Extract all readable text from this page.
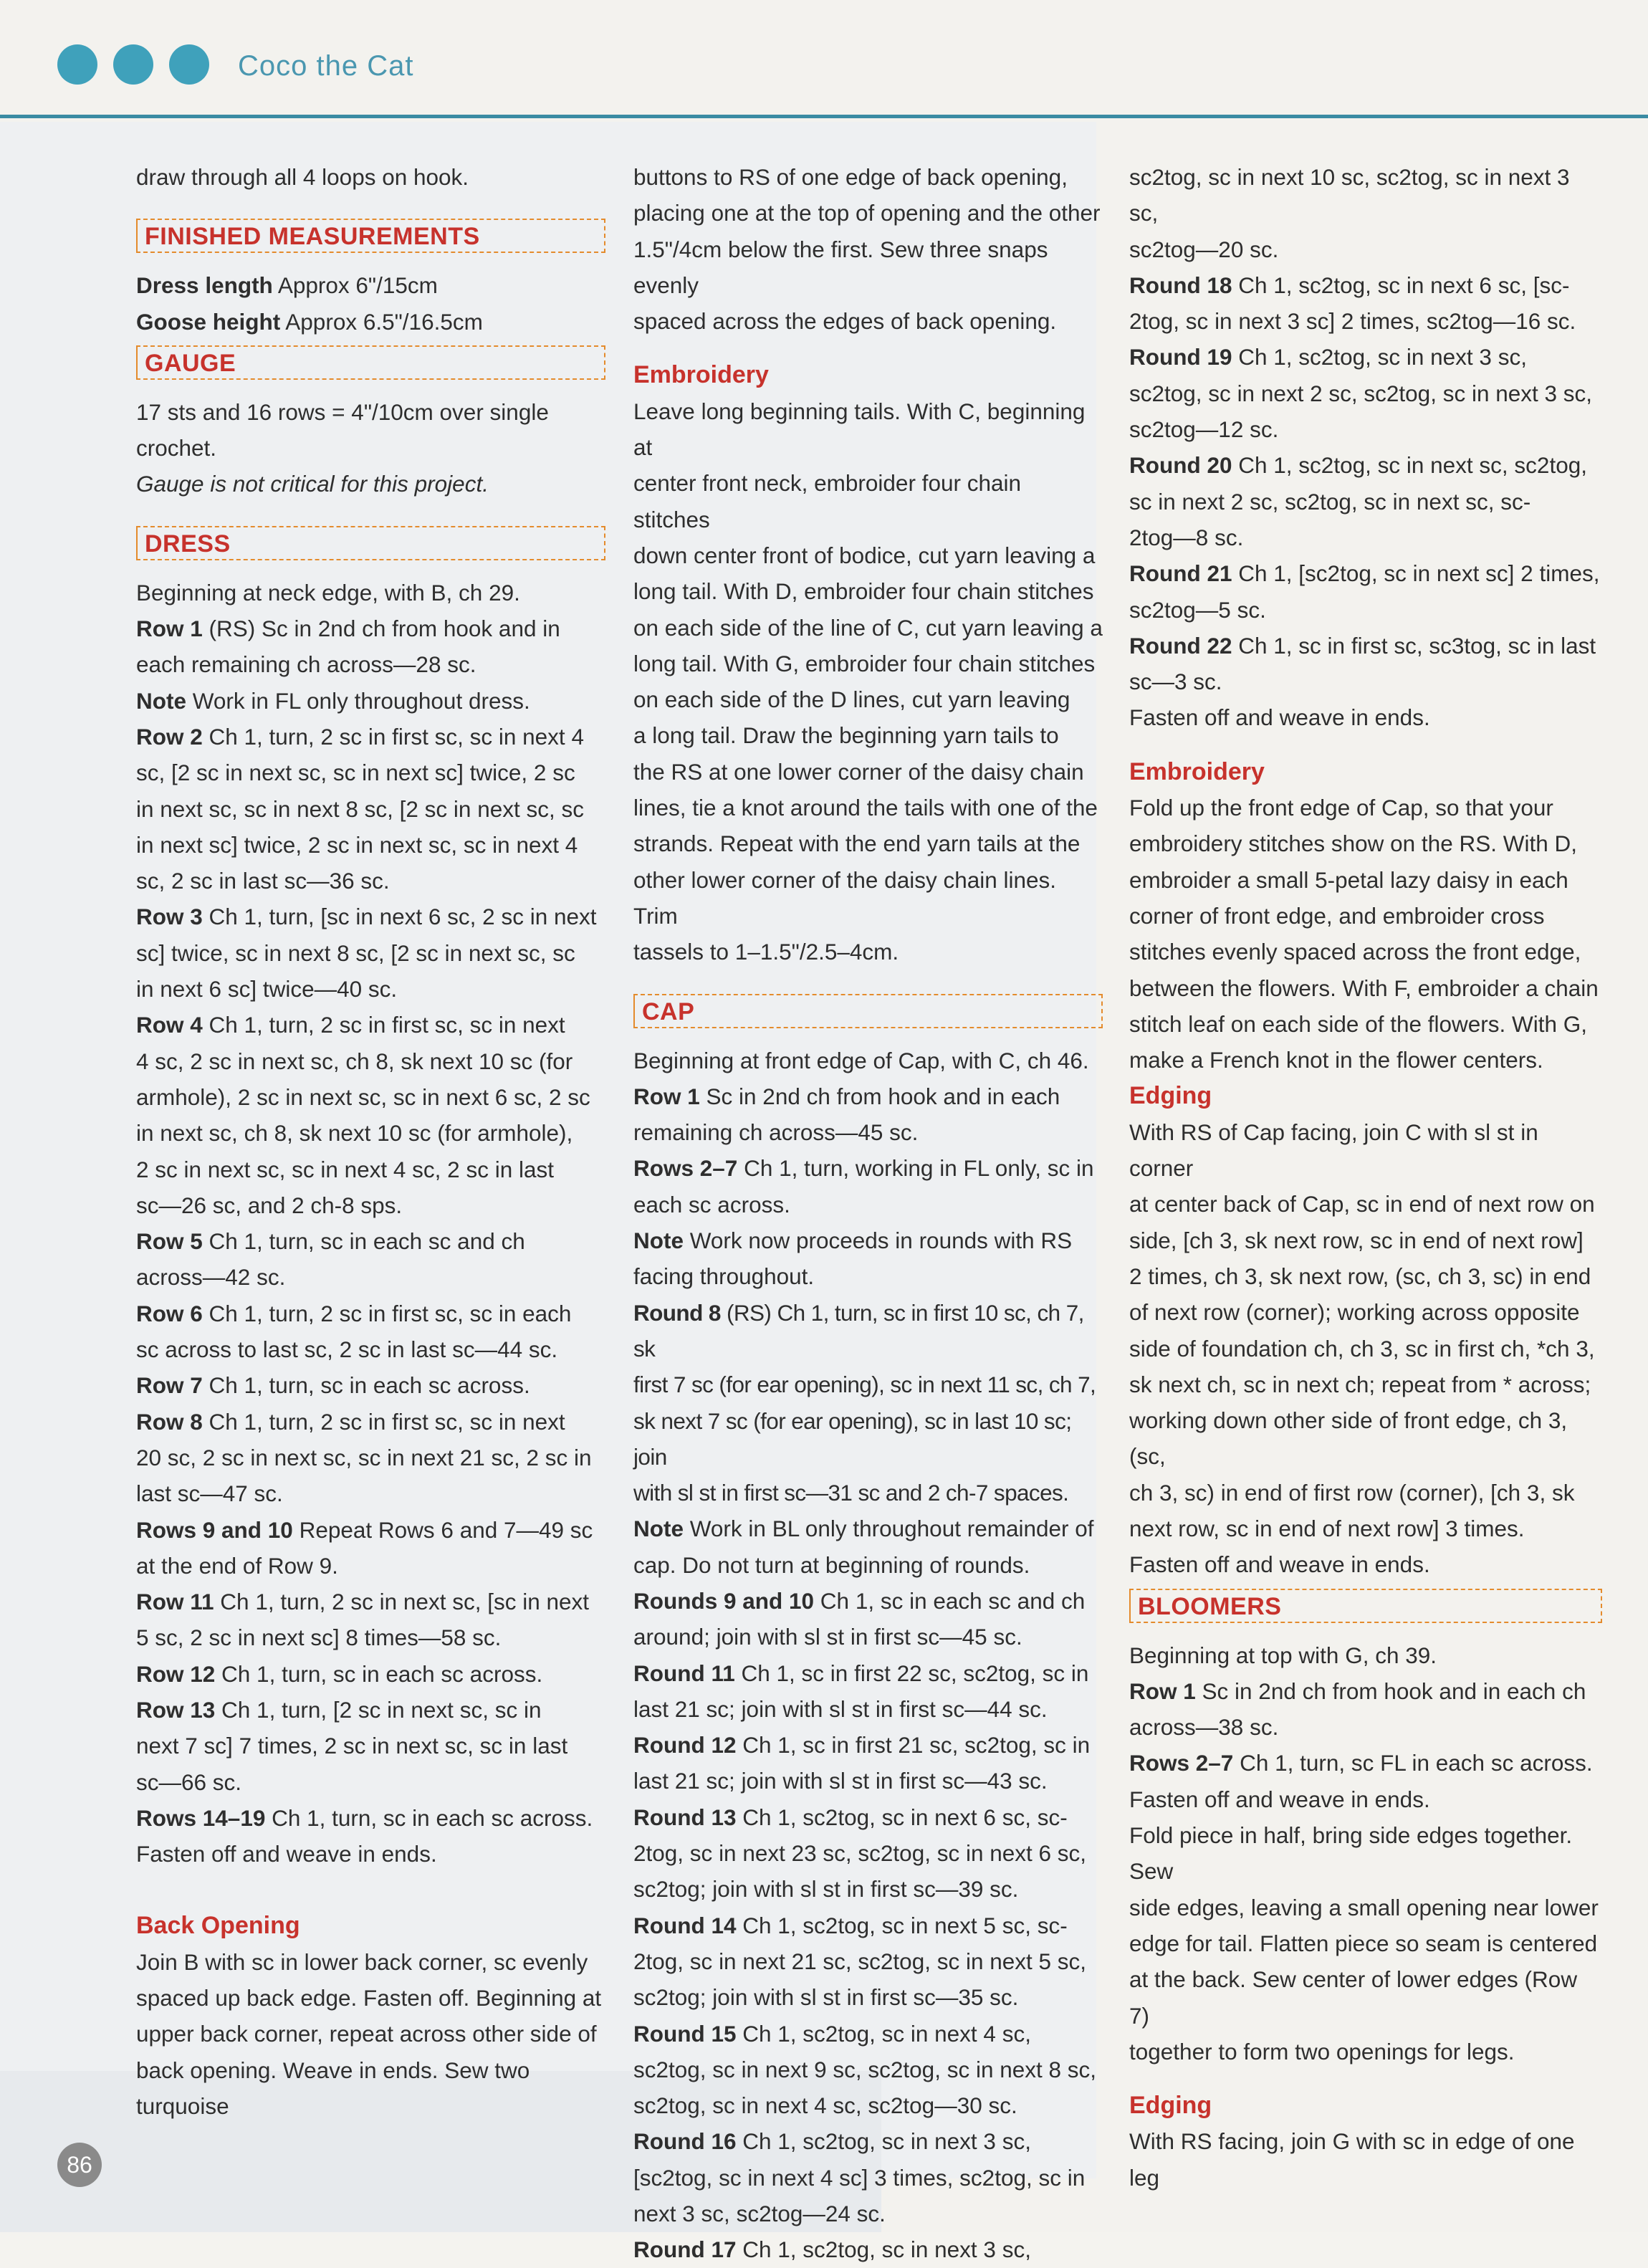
Coco the Cat

draw through all 4 loops on hook.

FINISHED MEASUREMENTS

Dress length Approx 6"/15cm

Goose height Approx 6.5"/16.5cm

GAUGE

17 sts and 16 rows = 4"/10cm over single crochet.

Gauge is not critical for this project.

DRESS

Beginning at neck edge, with B, ch 29.

Row 1 (RS) Sc in 2nd ch from hook and in

each remaining ch across—28 sc.

Note Work in FL only throughout dress.

Row 2 Ch 1, turn, 2 sc in first sc, sc in next 4

sc, [2 sc in next sc, sc in next sc] twice, 2 sc

in next sc, sc in next 8 sc, [2 sc in next sc, sc

in next sc] twice, 2 sc in next sc, sc in next 4

sc, 2 sc in last sc—36 sc.

Row 3 Ch 1, turn, [sc in next 6 sc, 2 sc in next

sc] twice, sc in next 8 sc, [2 sc in next sc, sc

in next 6 sc] twice—40 sc.

Row 4 Ch 1, turn, 2 sc in first sc, sc in next

4 sc, 2 sc in next sc, ch 8, sk next 10 sc (for

armhole), 2 sc in next sc, sc in next 6 sc, 2 sc

in next sc, ch 8, sk next 10 sc (for armhole),

2 sc in next sc, sc in next 4 sc, 2 sc in last

sc—26 sc, and 2 ch-8 sps.

Row 5 Ch 1, turn, sc in each sc and ch

across—42 sc.

Row 6 Ch 1, turn, 2 sc in first sc, sc in each

sc across to last sc, 2 sc in last sc—44 sc.

Row 7 Ch 1, turn, sc in each sc across.

Row 8 Ch 1, turn, 2 sc in first sc, sc in next

20 sc, 2 sc in next sc, sc in next 21 sc, 2 sc in

last sc—47 sc.

Rows 9 and 10 Repeat Rows 6 and 7—49 sc

at the end of Row 9.

Row 11 Ch 1, turn, 2 sc in next sc, [sc in next

5 sc, 2 sc in next sc] 8 times—58 sc.

Row 12 Ch 1, turn, sc in each sc across.

Row 13 Ch 1, turn, [2 sc in next sc, sc in

next 7 sc] 7 times, 2 sc in next sc, sc in last

sc—66 sc.

Rows 14–19 Ch 1, turn, sc in each sc across.

Fasten off and weave in ends.

Back Opening

Join B with sc in lower back corner, sc evenly

spaced up back edge. Fasten off. Beginning at

upper back corner, repeat across other side of

back opening. Weave in ends. Sew two turquoise

buttons to RS of one edge of back opening,

placing one at the top of opening and the other

1.5"/4cm below the first. Sew three snaps evenly

spaced across the edges of back opening.

Embroidery

Leave long beginning tails. With C, beginning at

center front neck, embroider four chain stitches

down center front of bodice, cut yarn leaving a

long tail. With D, embroider four chain stitches

on each side of the line of C, cut yarn leaving a

long tail. With G, embroider four chain stitches

on each side of the D lines, cut yarn leaving

a long tail. Draw the beginning yarn tails to

the RS at one lower corner of the daisy chain

lines, tie a knot around the tails with one of the

strands. Repeat with the end yarn tails at the

other lower corner of the daisy chain lines. Trim

tassels to 1–1.5"/2.5–4cm.

CAP

Beginning at front edge of Cap, with C, ch 46.

Row 1 Sc in 2nd ch from hook and in each

remaining ch across—45 sc.

Rows 2–7 Ch 1, turn, working in FL only, sc in

each sc across.

Note Work now proceeds in rounds with RS

facing throughout.

Round 8 (RS) Ch 1, turn, sc in first 10 sc, ch 7, sk

first 7 sc (for ear opening), sc in next 11 sc, ch 7,

sk next 7 sc (for ear opening), sc in last 10 sc; join

with sl st in first sc—31 sc and 2 ch-7 spaces.

Note Work in BL only throughout remainder of

cap. Do not turn at beginning of rounds.

Rounds 9 and 10 Ch 1, sc in each sc and ch

around; join with sl st in first sc—45 sc.

Round 11 Ch 1, sc in first 22 sc, sc2tog, sc in

last 21 sc; join with sl st in first sc—44 sc.

Round 12 Ch 1, sc in first 21 sc, sc2tog, sc in

last 21 sc; join with sl st in first sc—43 sc.

Round 13 Ch 1, sc2tog, sc in next 6 sc, sc-

2tog, sc in next 23 sc, sc2tog, sc in next 6 sc,

sc2tog; join with sl st in first sc—39 sc.

Round 14 Ch 1, sc2tog, sc in next 5 sc, sc-

2tog, sc in next 21 sc, sc2tog, sc in next 5 sc,

sc2tog; join with sl st in first sc—35 sc.

Round 15 Ch 1, sc2tog, sc in next 4 sc,

sc2tog, sc in next 9 sc, sc2tog, sc in next 8 sc,

sc2tog, sc in next 4 sc, sc2tog—30 sc.

Round 16 Ch 1, sc2tog, sc in next 3 sc,

[sc2tog, sc in next 4 sc] 3 times, sc2tog, sc in

next 3 sc, sc2tog—24 sc.

Round 17 Ch 1, sc2tog, sc in next 3 sc,

sc2tog, sc in next 10 sc, sc2tog, sc in next 3 sc,

sc2tog—20 sc.

Round 18 Ch 1, sc2tog, sc in next 6 sc, [sc-

2tog, sc in next 3 sc] 2 times, sc2tog—16 sc.

Round 19 Ch 1, sc2tog, sc in next 3 sc,

sc2tog, sc in next 2 sc, sc2tog, sc in next 3 sc,

sc2tog—12 sc.

Round 20 Ch 1, sc2tog, sc in next sc, sc2tog,

sc in next 2 sc, sc2tog, sc in next sc, sc-

2tog—8 sc.

Round 21 Ch 1, [sc2tog, sc in next sc] 2 times,

sc2tog—5 sc.

Round 22 Ch 1, sc in first sc, sc3tog, sc in last

sc—3 sc.

Fasten off and weave in ends.

Embroidery

Fold up the front edge of Cap, so that your

embroidery stitches show on the RS. With D,

embroider a small 5-petal lazy daisy in each

corner of front edge, and embroider cross

stitches evenly spaced across the front edge,

between the flowers. With F, embroider a chain

stitch leaf on each side of the flowers. With G,

make a French knot in the flower centers.

Edging

With RS of Cap facing, join C with sl st in corner

at center back of Cap, sc in end of next row on

side, [ch 3, sk next row, sc in end of next row]

2 times, ch 3, sk next row, (sc, ch 3, sc) in end

of next row (corner); working across opposite

side of foundation ch, ch 3, sc in first ch, *ch 3,

sk next ch, sc in next ch; repeat from * across;

working down other side of front edge, ch 3, (sc,

ch 3, sc) in end of first row (corner), [ch 3, sk

next row, sc in end of next row] 3 times.

Fasten off and weave in ends.

BLOOMERS

Beginning at top with G, ch 39.

Row 1 Sc in 2nd ch from hook and in each ch

across—38 sc.

Rows 2–7 Ch 1, turn, sc FL in each sc across.

Fasten off and weave in ends.

Fold piece in half, bring side edges together. Sew

side edges, leaving a small opening near lower

edge for tail. Flatten piece so seam is centered

at the back. Sew center of lower edges (Row 7)

together to form two openings for legs.

Edging

With RS facing, join G with sc in edge of one leg

86
